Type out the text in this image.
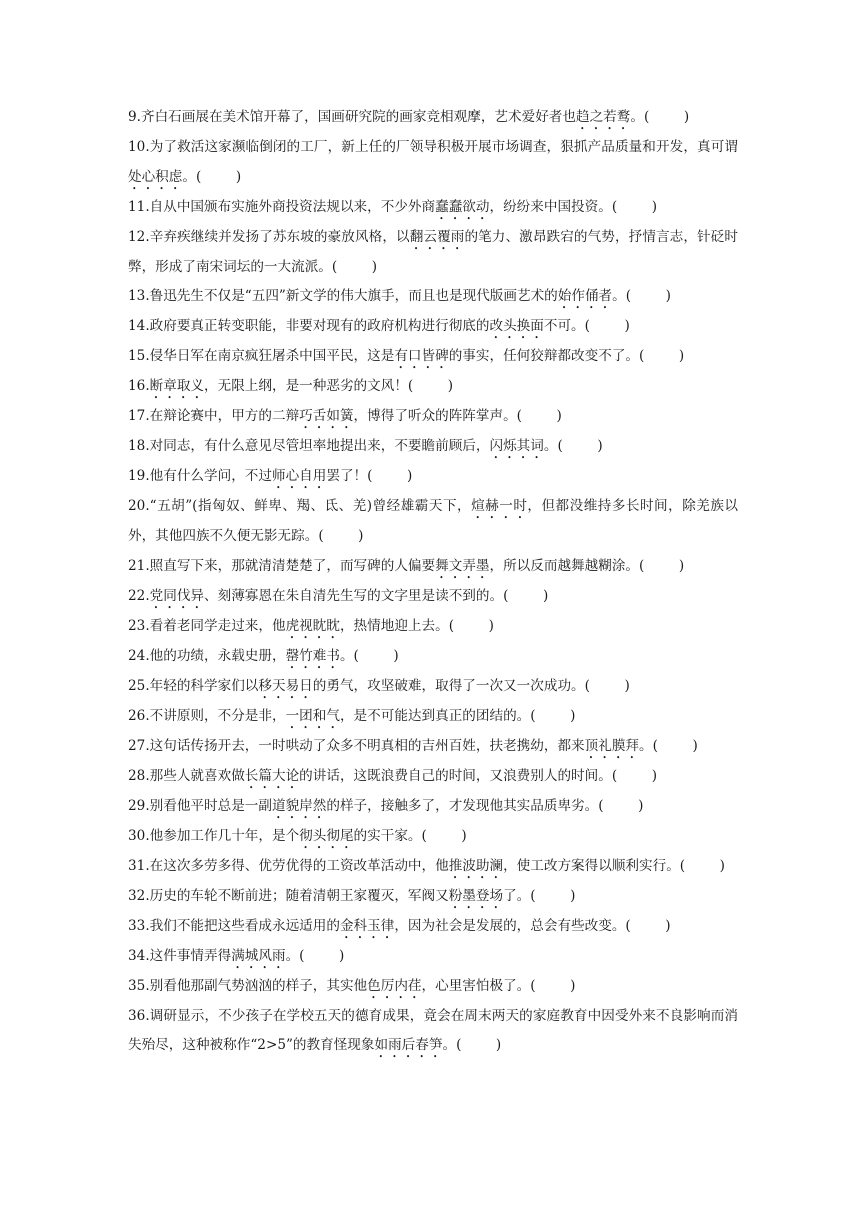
9.齐白石画展在美术馆开幕了，国画研究院的画家竞相观摩，艺术爱好者也趋之若鹜。(        )

10.为了救活这家濒临倒闭的工厂，新上任的厂领导积极开展市场调查，狠抓产品质量和开发，真可谓处心积虑。(        )

11.自从中国颁布实施外商投资法规以来，不少外商蠢蠢欲动，纷纷来中国投资。(        )

12.辛弃疾继续并发扬了苏东坡的豪放风格，以翻云覆雨的笔力、激昂跌宕的气势，抒情言志，针砭时弊，形成了南宋词坛的一大流派。(        )

13.鲁迅先生不仅是“五四”新文学的伟大旗手，而且也是现代版画艺术的始作俑者。(        )

14.政府要真正转变职能，非要对现有的政府机构进行彻底的改头换面不可。(        )

15.侵华日军在南京疯狂屠杀中国平民，这是有口皆碑的事实，任何狡辩都改变不了。(        )

16.断章取义，无限上纲，是一种恶劣的文风！(        )

17.在辩论赛中，甲方的二辩巧舌如簧，博得了听众的阵阵掌声。(        )

18.对同志，有什么意见尽管坦率地提出来，不要瞻前顾后，闪烁其词。(        )

19.他有什么学问，不过师心自用罢了！(        )

20.“五胡”(指匈奴、鲜卑、羯、氐、羌)曾经雄霸天下，煊赫一时，但都没维持多长时间，除羌族以外，其他四族不久便无影无踪。(        )

21.照直写下来，那就清清楚楚了，而写碑的人偏要舞文弄墨，所以反而越舞越糊涂。(        )

22.党同伐异、刻薄寡恩在朱自清先生写的文字里是读不到的。(        )

23.看着老同学走过来，他虎视眈眈，热情地迎上去。(        )

24.他的功绩，永载史册，罄竹难书。(        )

25.年轻的科学家们以移天易日的勇气，攻坚破难，取得了一次又一次成功。(        )

26.不讲原则，不分是非，一团和气，是不可能达到真正的团结的。(        )

27.这句话传扬开去，一时哄动了众多不明真相的吉州百姓，扶老携幼，都来顶礼膜拜。(        )

28.那些人就喜欢做长篇大论的讲话，这既浪费自己的时间，又浪费别人的时间。(        )

29.别看他平时总是一副道貌岸然的样子，接触多了，才发现他其实品质卑劣。(        )

30.他参加工作几十年，是个彻头彻尾的实干家。(        )

31.在这次多劳多得、优劳优得的工资改革活动中，他推波助澜，使工改方案得以顺利实行。(        )

32.历史的车轮不断前进；随着清朝王家覆灭，军阀又粉墨登场了。(        )

33.我们不能把这些看成永远适用的金科玉律，因为社会是发展的，总会有些改变。(        )

34.这件事情弄得满城风雨。(        )

35.别看他那副气势汹汹的样子，其实他色厉内荏，心里害怕极了。(        )

36.调研显示，不少孩子在学校五天的德育成果，竟会在周末两天的家庭教育中因受外来不良影响而消失殆尽，这种被称作“2>5”的教育怪现象如雨后春笋。(        )
